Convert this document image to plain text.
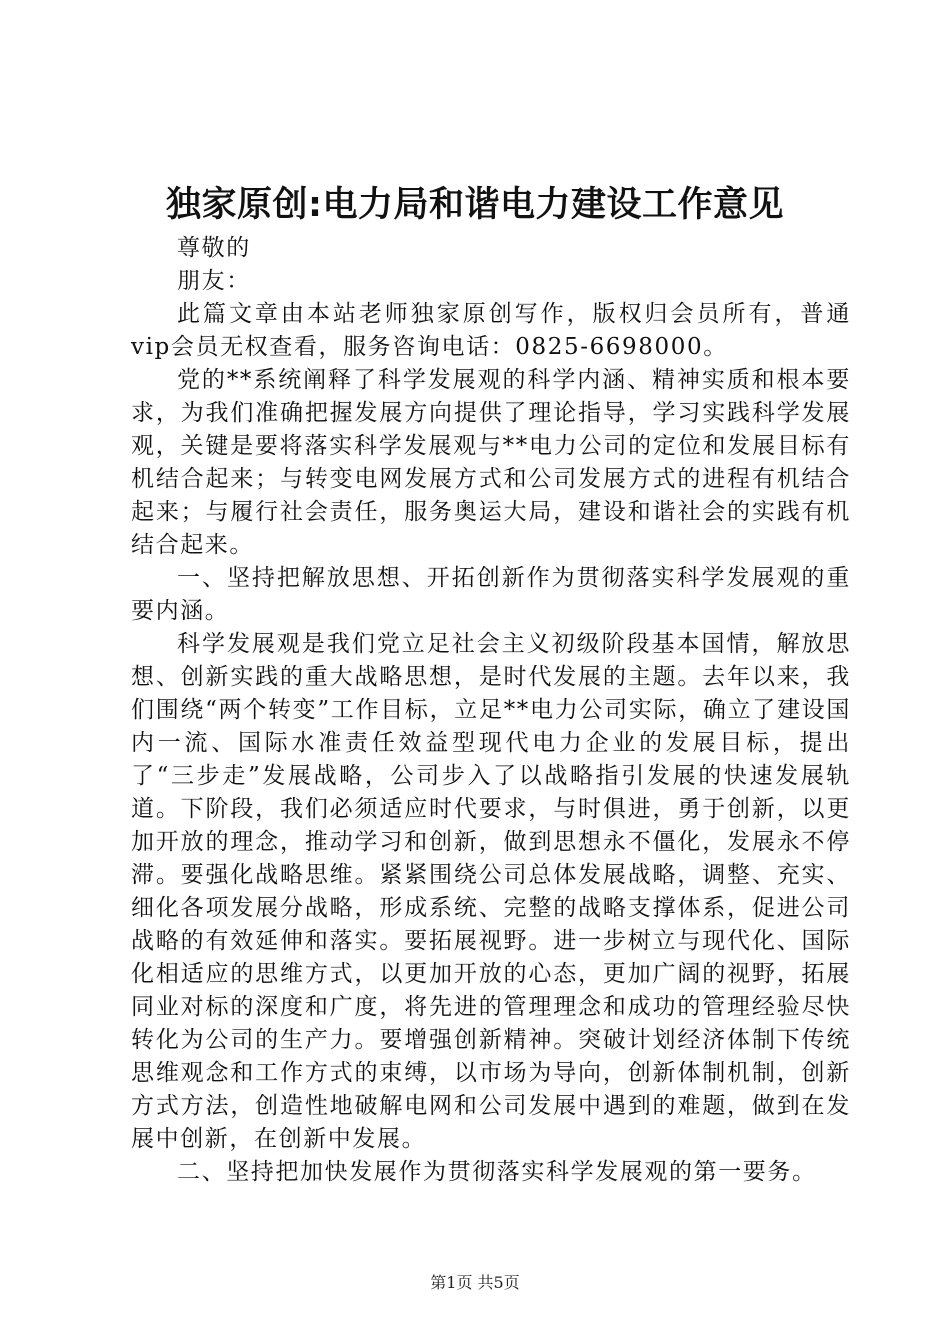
独家原创:电力局和谐电力建设工作意见

尊敬的

朋友：

此篇文章由本站老师独家原创写作，版权归会员所有，普通vip会员无权查看，服务咨询电话：0825-6698000。

党的**系统阐释了科学发展观的科学内涵、精神实质和根本要求，为我们准确把握发展方向提供了理论指导，学习实践科学发展观，关键是要将落实科学发展观与**电力公司的定位和发展目标有机结合起来；与转变电网发展方式和公司发展方式的进程有机结合起来；与履行社会责任，服务奥运大局，建设和谐社会的实践有机结合起来。

一、坚持把解放思想、开拓创新作为贯彻落实科学发展观的重要内涵。

科学发展观是我们党立足社会主义初级阶段基本国情，解放思想、创新实践的重大战略思想，是时代发展的主题。去年以来，我们围绕“两个转变”工作目标，立足**电力公司实际，确立了建设国内一流、国际水准责任效益型现代电力企业的发展目标，提出了“三步走”发展战略，公司步入了以战略指引发展的快速发展轨道。下阶段，我们必须适应时代要求，与时俱进，勇于创新，以更加开放的理念，推动学习和创新，做到思想永不僵化，发展永不停滞。要强化战略思维。紧紧围绕公司总体发展战略，调整、充实、细化各项发展分战略，形成系统、完整的战略支撑体系，促进公司战略的有效延伸和落实。要拓展视野。进一步树立与现代化、国际化相适应的思维方式，以更加开放的心态，更加广阔的视野，拓展同业对标的深度和广度，将先进的管理理念和成功的管理经验尽快转化为公司的生产力。要增强创新精神。突破计划经济体制下传统思维观念和工作方式的束缚，以市场为导向，创新体制机制，创新方式方法，创造性地破解电网和公司发展中遇到的难题，做到在发展中创新，在创新中发展。

二、坚持把加快发展作为贯彻落实科学发展观的第一要务。

第1页 共5页
